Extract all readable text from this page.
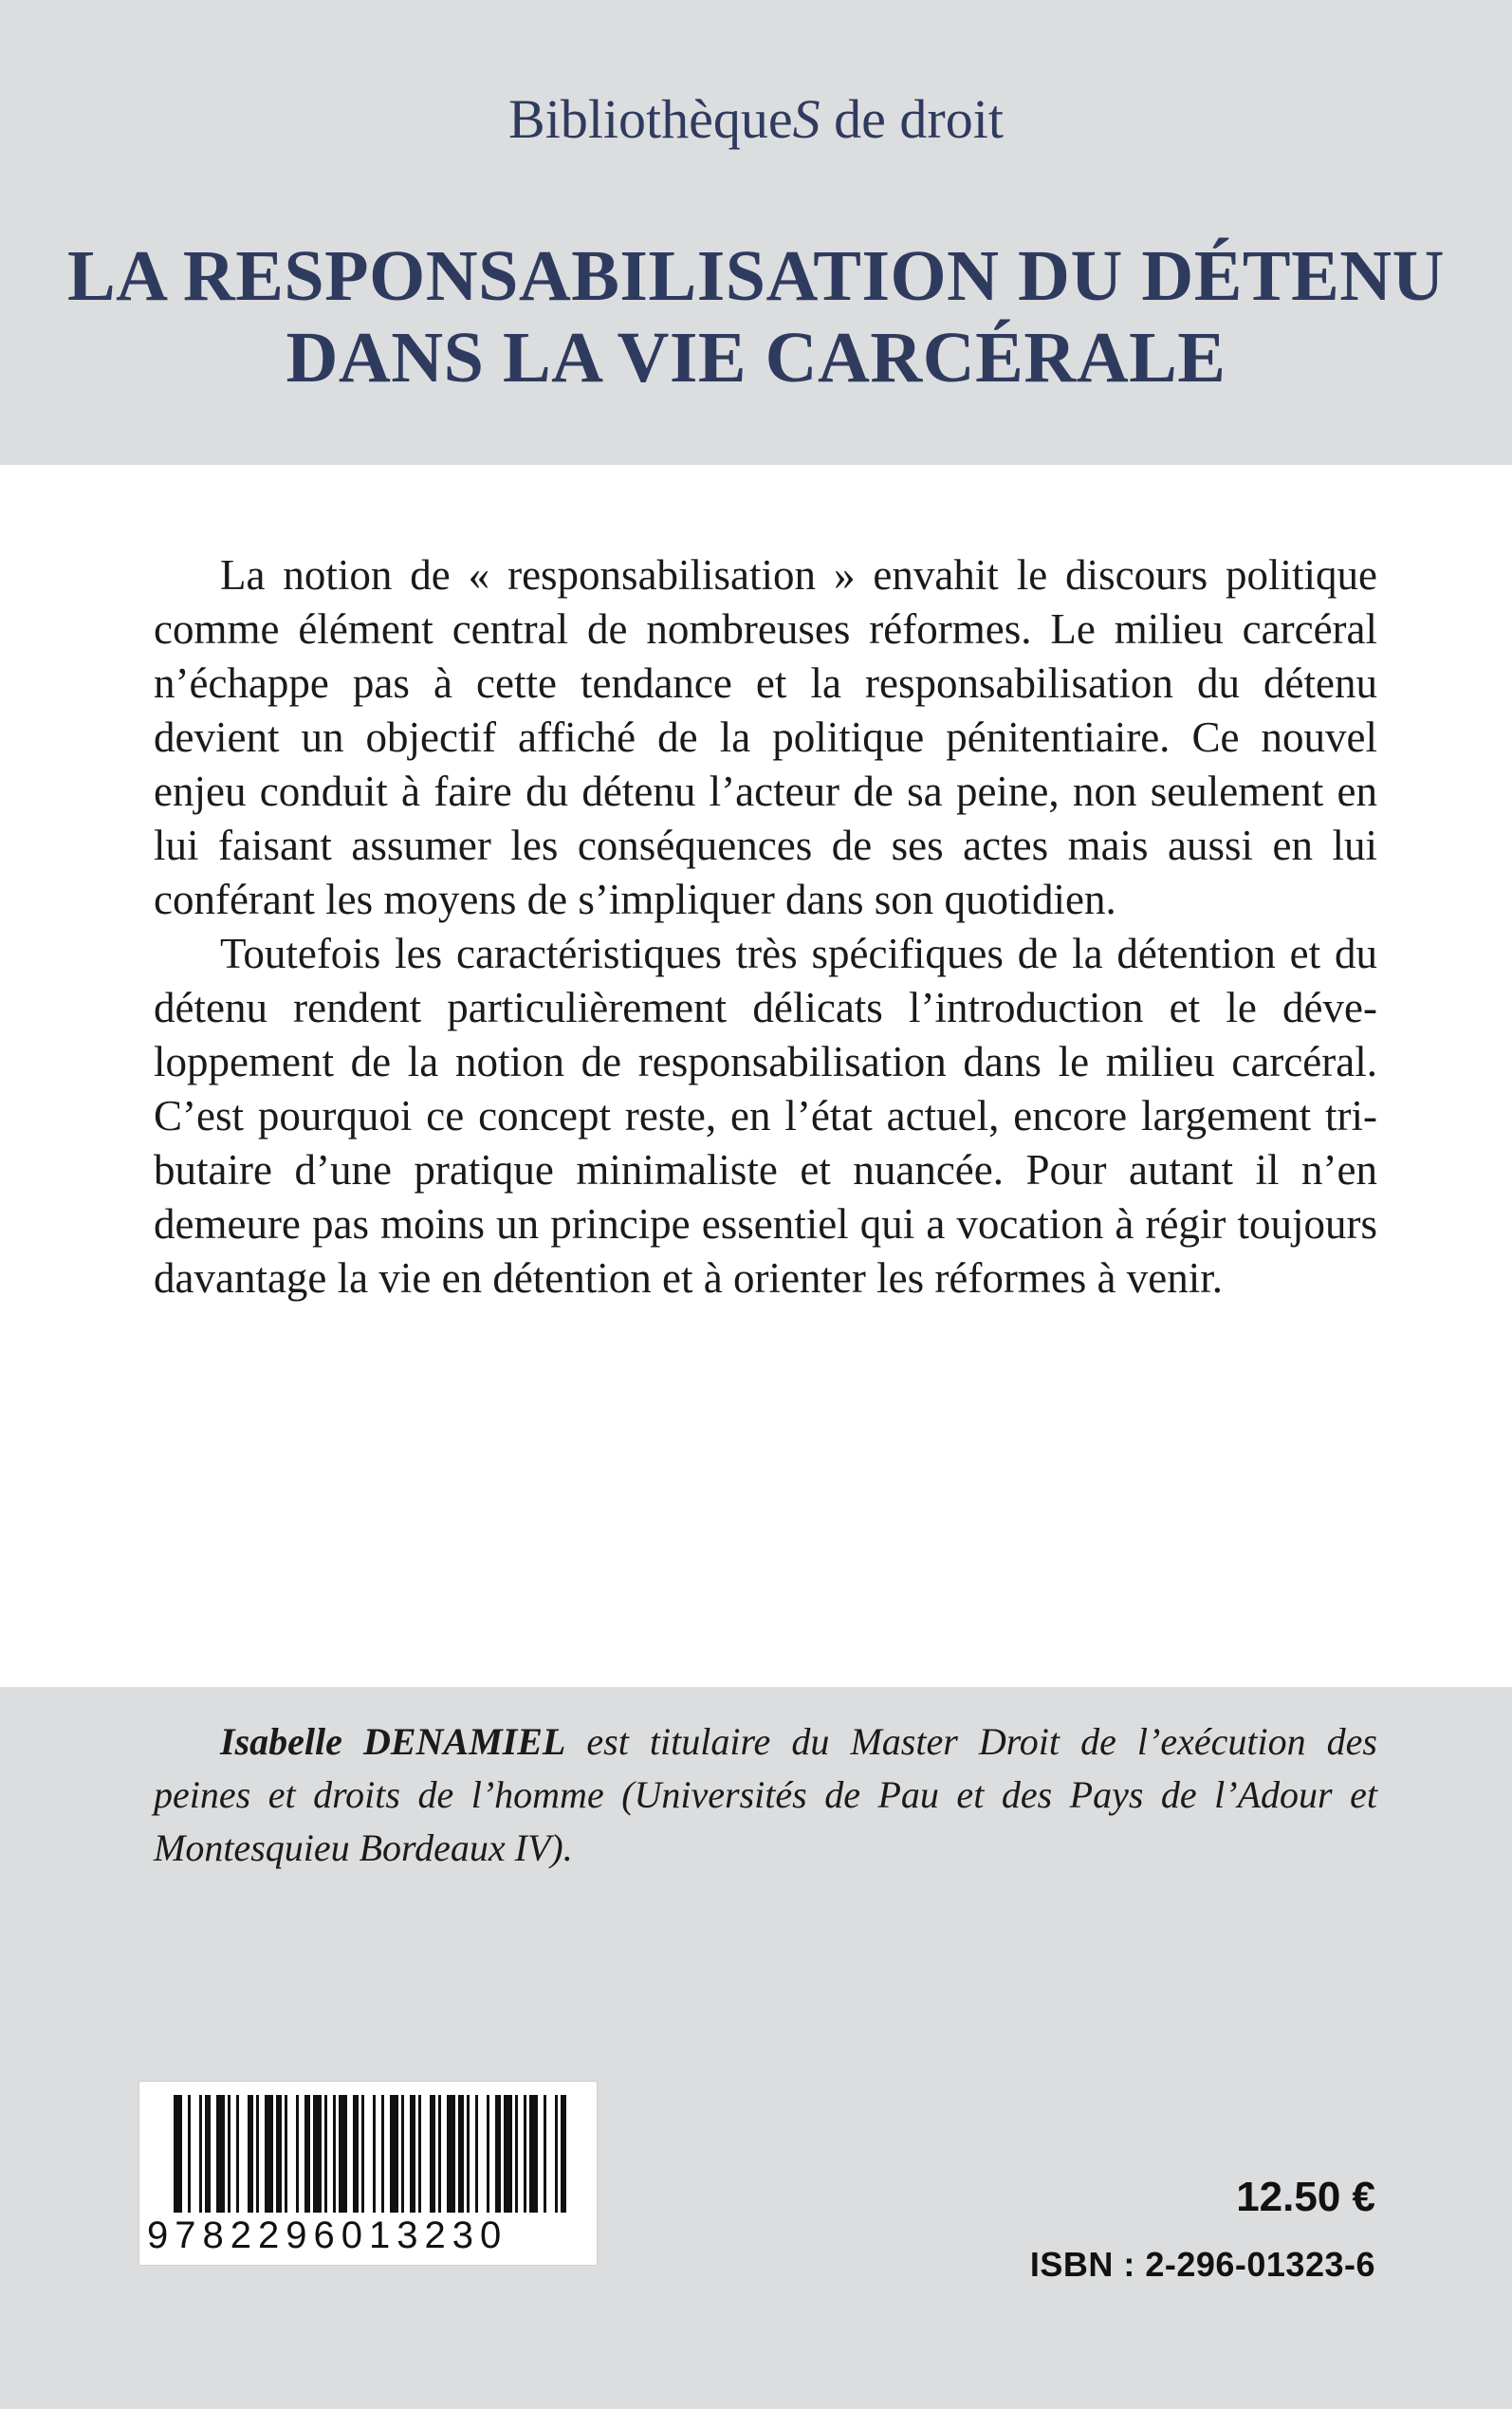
BibliothèqueS de droit
LA RESPONSABILISATION DU DÉTENU
DANS LA VIE CARCÉRALE

La notion de « responsabilisation » envahit le discours politique comme élément central de nombreuses réformes. Le milieu carcéral n’échappe pas à cette tendance et la responsabilisation du détenu devient un objectif affiché de la politique pénitentiaire. Ce nouvel enjeu conduit à faire du détenu l’acteur de sa peine, non seulement en lui faisant assumer les conséquences de ses actes mais aussi en lui conférant les moyens de s’impliquer dans son quotidien.

Toutefois les caractéristiques très spécifiques de la détention et du détenu rendent particulièrement délicats l’introduction et le développement de la notion de responsabilisation dans le milieu carcéral. C’est pourquoi ce concept reste, en l’état actuel, encore largement tributaire d’une pratique minimaliste et nuancée. Pour autant il n’en demeure pas moins un principe essentiel qui a vocation à régir toujours davantage la vie en détention et à orienter les réformes à venir.

Isabelle DENAMIEL est titulaire du Master Droit de l’exécution des peines et droits de l’homme (Universités de Pau et des Pays de l’Adour et Montesquieu Bordeaux IV).
9782296013230
12.50 €
ISBN : 2-296-01323-6
